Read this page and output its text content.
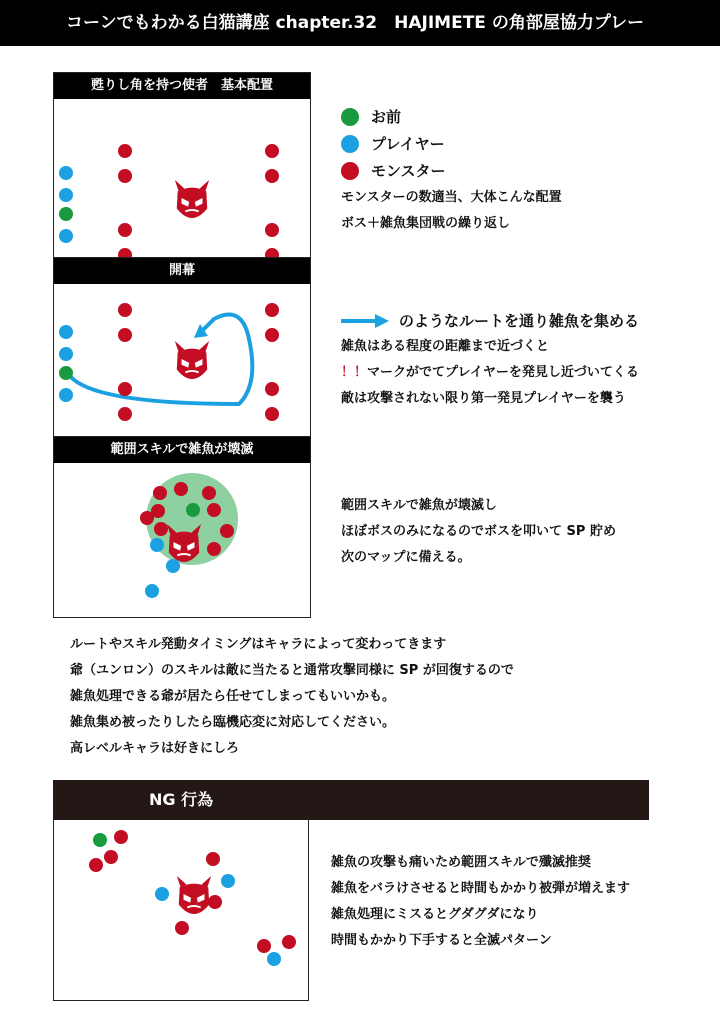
コーンでもわかる白猫講座 chapter.32　HAJIMETE の角部屋協力プレー
甦りし角を持つ使者　基本配置
開幕
範囲スキルで雑魚が壊滅
お前
プレイヤー
モンスター
モンスターの数適当、大体こんな配置
ボス＋雑魚集団戦の繰り返し
のようなルートを通り雑魚を集める
雑魚はある程度の距離まで近づくと
！！マークがでてプレイヤーを発見し近づいてくる
敵は攻撃されない限り第一発見プレイヤーを襲う
範囲スキルで雑魚が壊滅し
ほぼボスのみになるのでボスを叩いて SP 貯め
次のマップに備える。
ルートやスキル発動タイミングはキャラによって変わってきます
爺（ユンロン）のスキルは敵に当たると通常攻撃同様に SP が回復するので
雑魚処理できる爺が居たら任せてしまってもいいかも。
雑魚集め被ったりしたら臨機応変に対応してください。
高レベルキャラは好きにしろ
NG 行為
雑魚の攻撃も痛いため範囲スキルで殲滅推奨
雑魚をバラけさせると時間もかかり被弾が増えます
雑魚処理にミスるとグダグダになり
時間もかかり下手すると全滅パターン
